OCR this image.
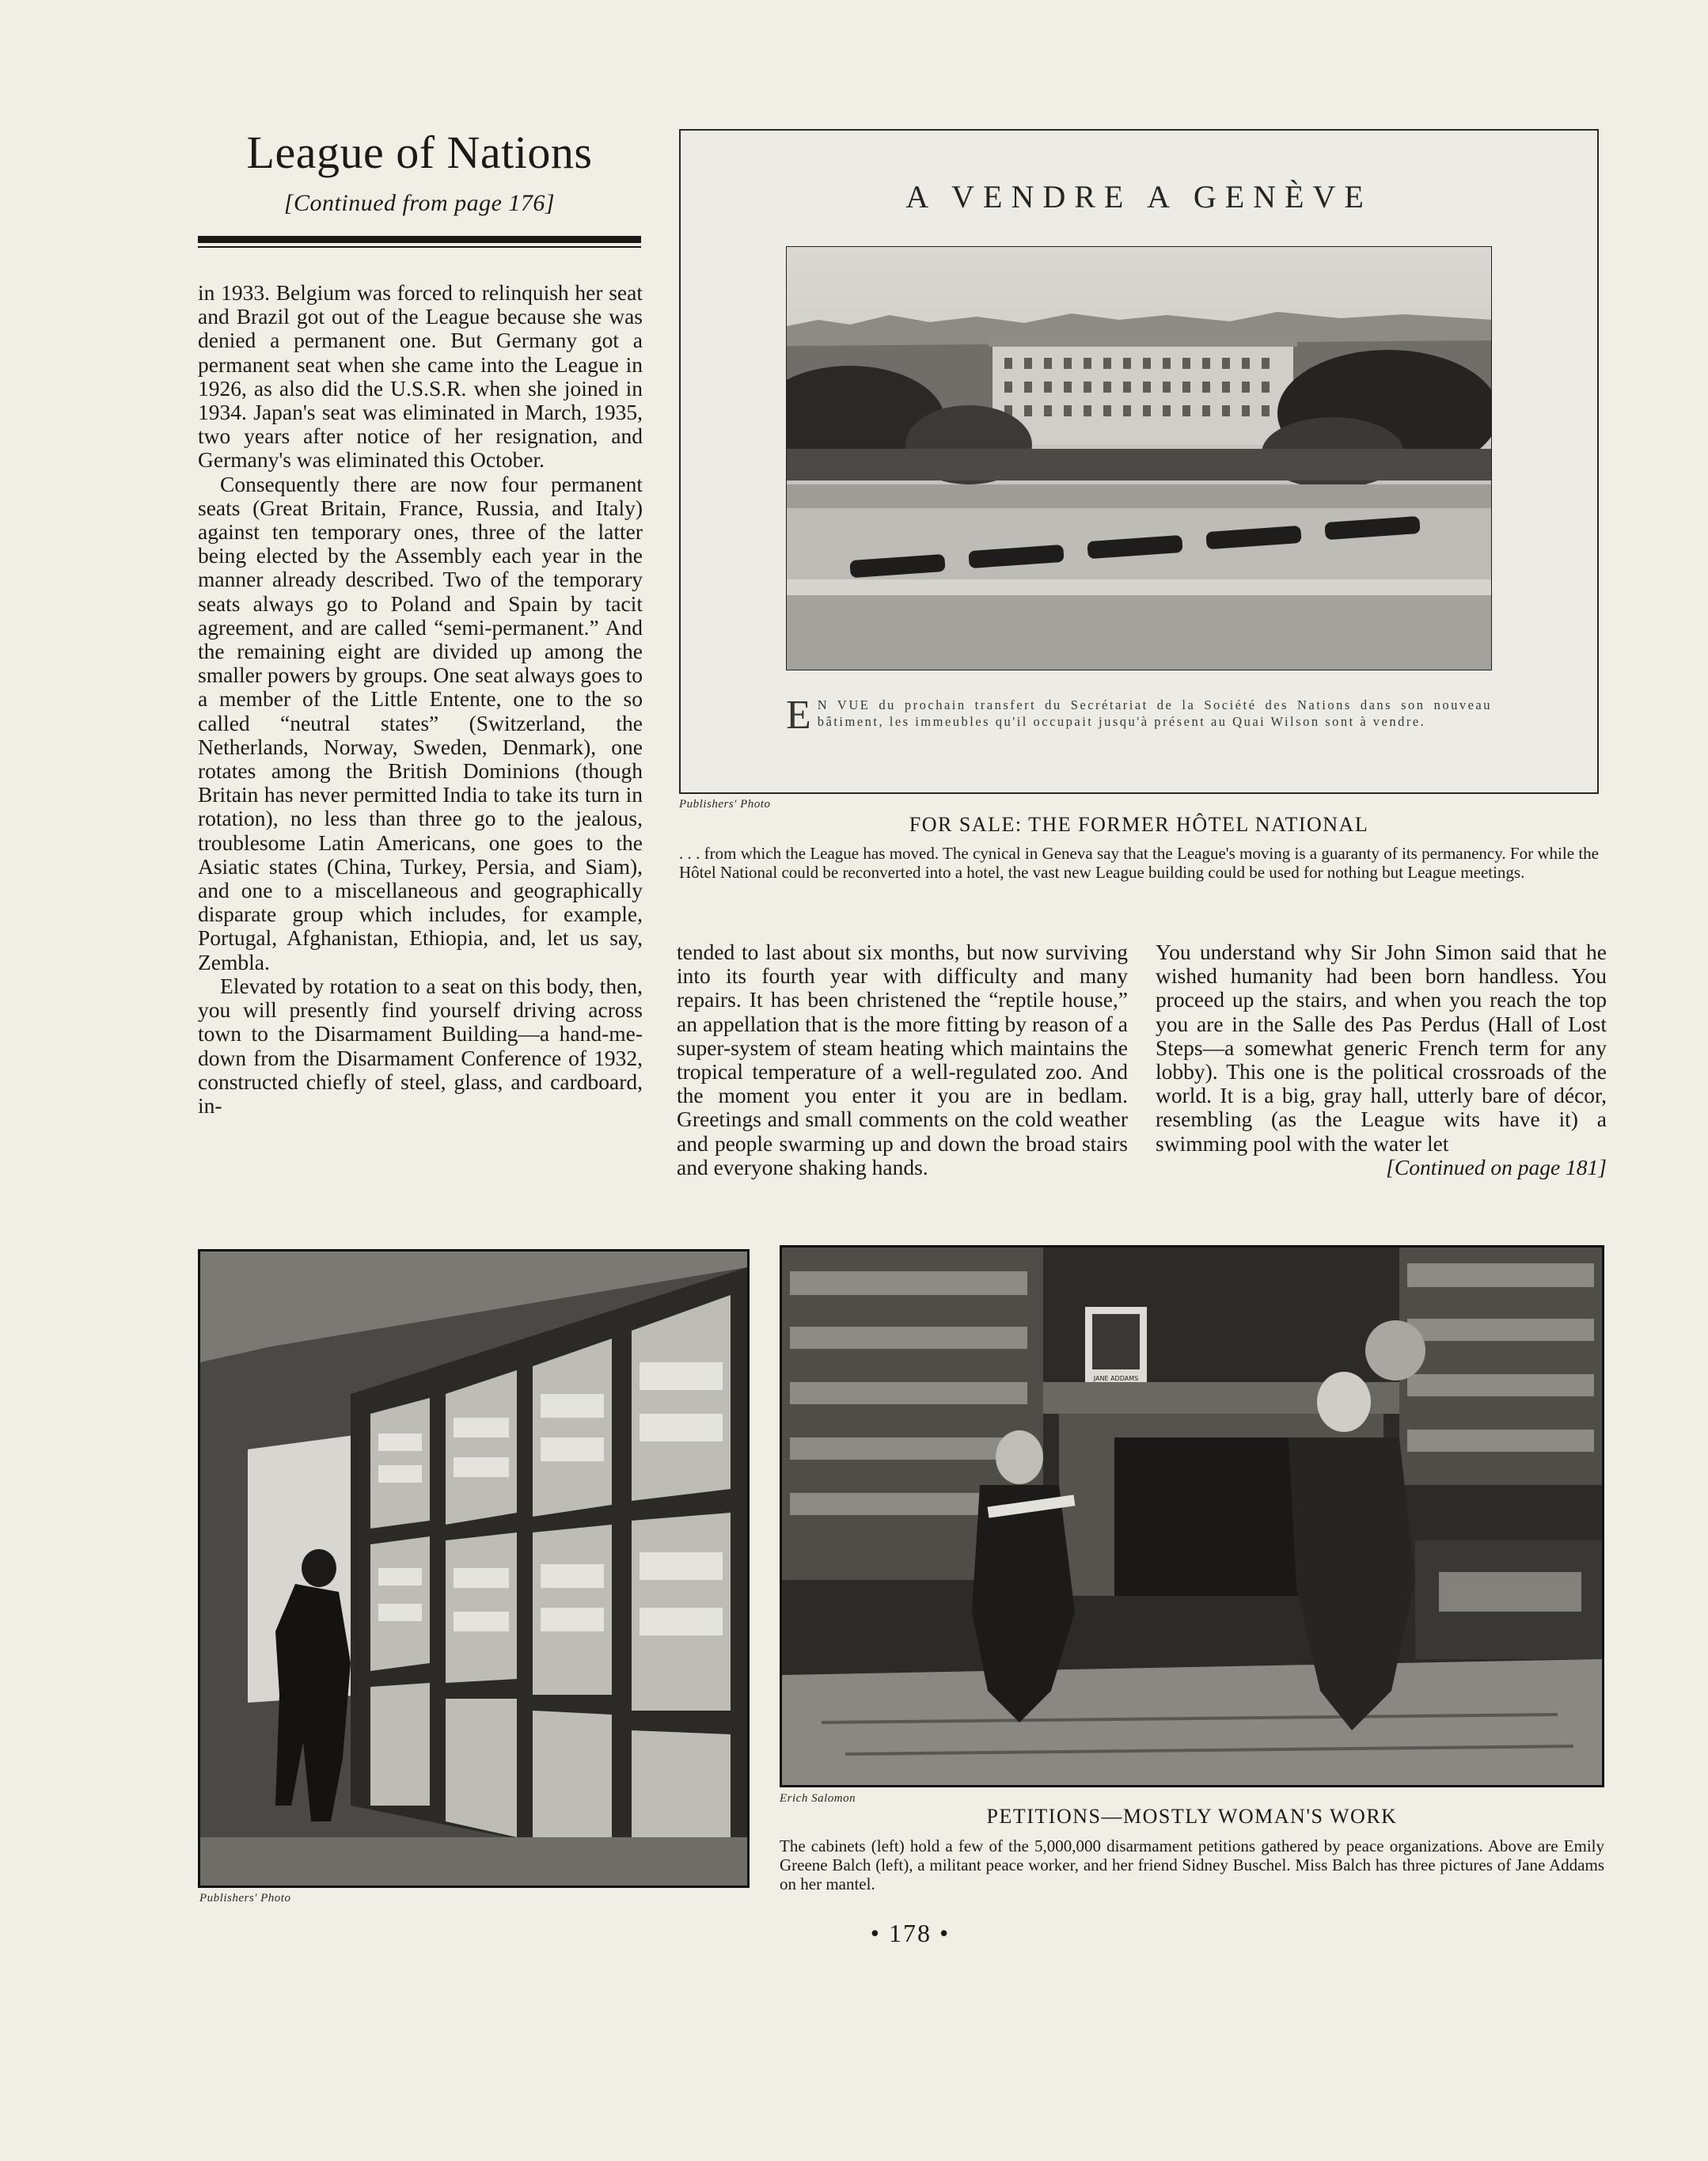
League of Nations
[Continued from page 176]

in 1933. Belgium was forced to relinquish her seat and Brazil got out of the League because she was denied a permanent one. But Germany got a permanent seat when she came into the League in 1926, as also did the U.S.S.R. when she joined in 1934. Japan's seat was eliminated in March, 1935, two years after notice of her resignation, and Germany's was eliminated this October.

Consequently there are now four permanent seats (Great Britain, France, Russia, and Italy) against ten temporary ones, three of the latter being elected by the Assembly each year in the manner already described. Two of the temporary seats always go to Poland and Spain by tacit agreement, and are called “semi-permanent.” And the remaining eight are divided up among the smaller powers by groups. One seat always goes to a member of the Little Entente, one to the so called “neutral states” (Switzerland, the Netherlands, Norway, Sweden, Denmark), one rotates among the British Dominions (though Britain has never permitted India to take its turn in rotation), no less than three go to the jealous, troublesome Latin Americans, one goes to the Asiatic states (China, Turkey, Persia, and Siam), and one to a miscellaneous and geographically disparate group which includes, for example, Portugal, Afghanistan, Ethiopia, and, let us say, Zembla.

Elevated by rotation to a seat on this body, then, you will presently find yourself driving across town to the Disarmament Building—a hand-me-down from the Disarmament Conference of 1932, constructed chiefly of steel, glass, and cardboard, in-

A VENDRE A GENÈVE
E N VUE du prochain transfert du Secrétariat de la Société des Nations dans son nouveau bâtiment, les immeubles qu'il occupait jusqu'à présent au Quai Wilson sont à vendre.
Publishers' Photo
FOR SALE: THE FORMER HÔTEL NATIONAL
. . . from which the League has moved. The cynical in Geneva say that the League's moving is a guaranty of its permanency. For while the Hôtel National could be reconverted into a hotel, the vast new League building could be used for nothing but League meetings.

tended to last about six months, but now surviving into its fourth year with difficulty and many repairs. It has been christened the “reptile house,” an appellation that is the more fitting by reason of a super-system of steam heating which maintains the tropical temperature of a well-regulated zoo. And the moment you enter it you are in bedlam. Greetings and small comments on the cold weather and people swarming up and down the broad stairs and everyone shaking hands.

You understand why Sir John Simon said that he wished humanity had been born handless. You proceed up the stairs, and when you reach the top you are in the Salle des Pas Perdus (Hall of Lost Steps—a somewhat generic French term for any lobby). This one is the political crossroads of the world. It is a big, gray hall, utterly bare of décor, resembling (as the League wits have it) a swimming pool with the water let

[Continued on page 181]
Publishers' Photo
JANE ADDAMS
Erich Salomon
PETITIONS—MOSTLY WOMAN'S WORK
The cabinets (left) hold a few of the 5,000,000 disarmament petitions gathered by peace organizations. Above are Emily Greene Balch (left), a militant peace worker, and her friend Sidney Buschel. Miss Balch has three pictures of Jane Addams on her mantel.
• 178 •
